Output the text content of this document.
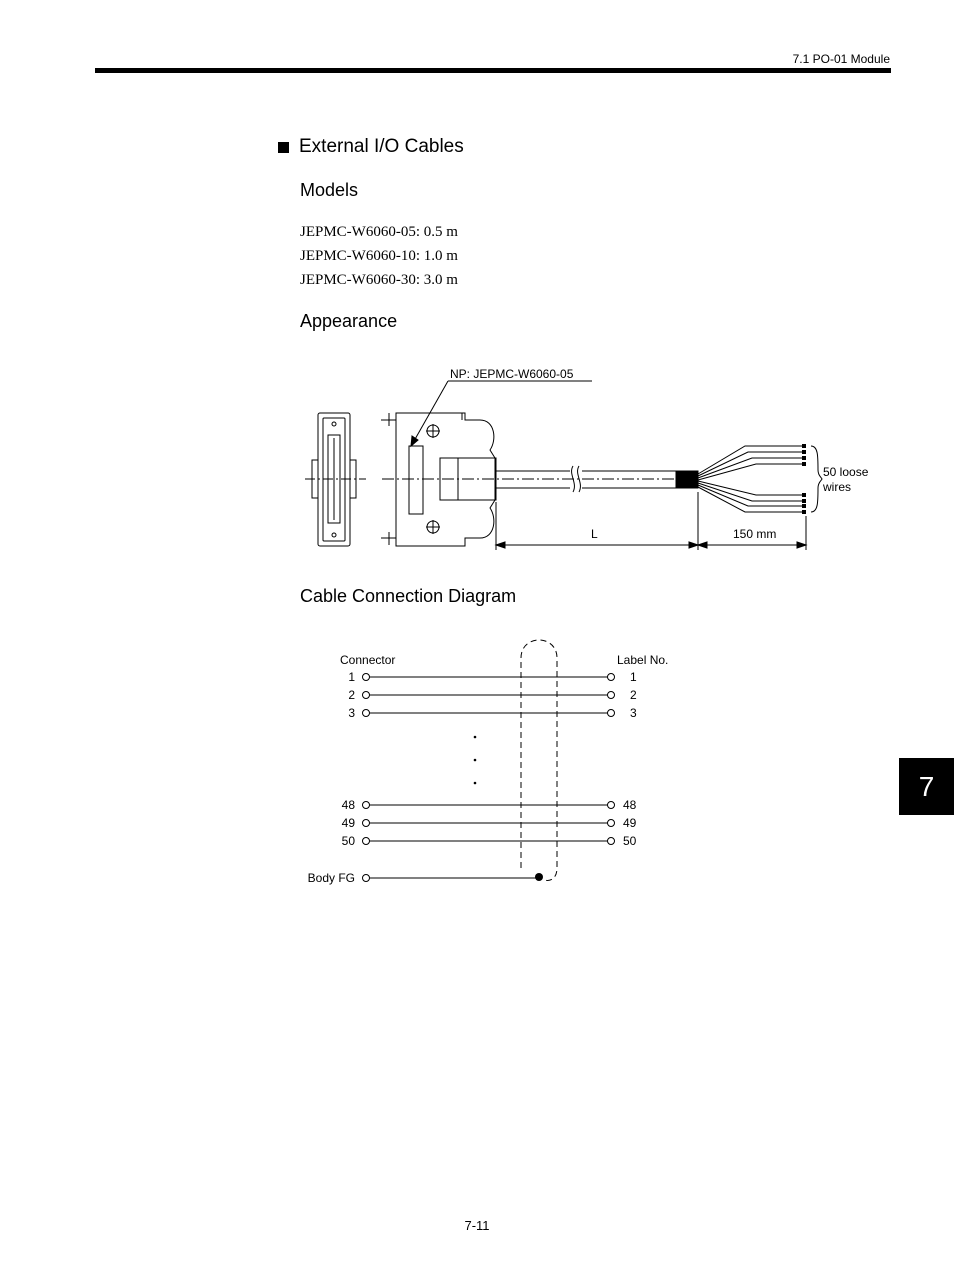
7.1 PO-01 Module
External I/O Cables
Models
JEPMC-W6060-05: 0.5 m
JEPMC-W6060-10: 1.0 m
JEPMC-W6060-30: 3.0 m
Appearance
NP: JEPMC-W6060-05
L	150 mm
50 loose
wires
Cable Connection Diagram
Connector	Label No.
1
2
3
48
49
50
Body FG
1
2
3
48
49
50
7
7-11
